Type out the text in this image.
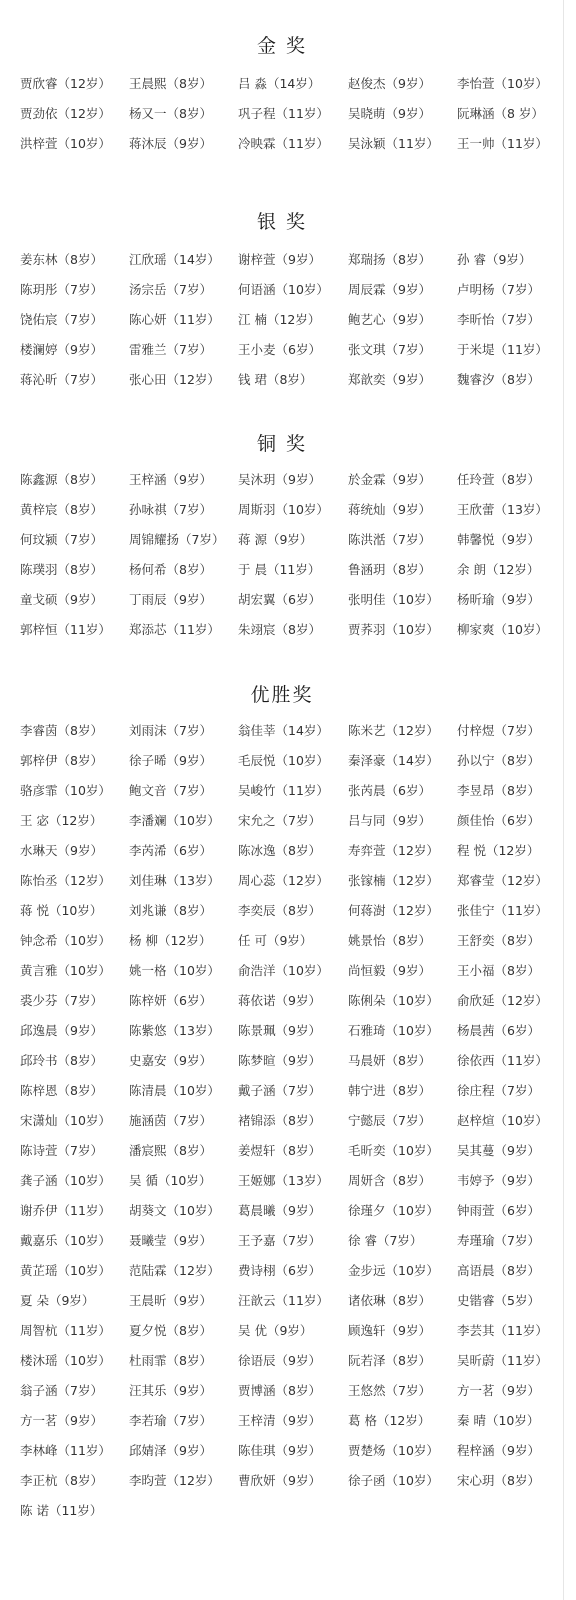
金 奖
贾欣睿（12岁） 王晨熙（8岁） 吕 淼（14岁） 赵俊杰（9岁） 李怡萱（10岁）
贾劲依（12岁） 杨又一（8岁） 巩子程（11岁） 吴晓萌（9岁） 阮琳涵（8 岁）
洪梓萱（10岁） 蒋沐辰（9岁） 冷映霖（11岁） 吴泳颖（11岁） 王一帅（11岁）
银 奖
姜东林（8岁） 江欣瑶（14岁） 谢梓萱（9岁） 郑瑞扬（8岁） 孙 睿（9岁）
陈玥彤（7岁） 汤宗岳（7岁） 何语涵（10岁） 周辰霖（9岁） 卢明杨（7岁）
饶佑宸（7岁） 陈心妍（11岁） 江 楠（12岁） 鲍艺心（9岁） 李昕怡（7岁）
楼澜婷（9岁） 雷雅兰（7岁） 王小麦（6岁） 张文琪（7岁） 于米堤（11岁）
蒋沁昕（7岁） 张心田（12岁） 钱 珺（8岁）	郑歆奕（9岁） 魏睿汐（8岁）
铜 奖
陈鑫源（8岁） 王梓涵（9岁） 吴沐玥（9岁） 於金霖（9岁） 任玲萱（8岁）
黄梓宸（8岁） 孙咏祺（7岁） 周斯羽（10岁） 蒋统灿（9岁） 王欣蕾（13岁）
何玟颍（7岁） 周锦耀扬（7岁） 蒋 源（9岁）	陈洪湉（7岁） 韩馨悦（9岁）
陈璞羽（8岁） 杨何希（8岁） 于 晨（11岁） 鲁涵玥（8岁） 余 朗（12岁）
童戈硕（9岁） 丁雨辰（9岁） 胡宏翼（6岁） 张明佳（10岁） 杨昕瑜（9岁）
郭梓恒（11岁） 郑添芯（11岁） 朱翊宸（8岁） 贾荞羽（10岁） 柳家爽（10岁）
优胜奖
李睿茵（8岁） 刘雨沫（7岁） 翁佳莘（14岁） 陈米艺（12岁） 付梓煜（7岁）
郭梓伊（8岁） 徐子晞（9岁） 毛辰悦（10岁） 秦泽豪（14岁） 孙以宁（8岁）
骆彦霏（10岁） 鲍文音（7岁） 吴峻竹（11岁） 张芮晨（6岁） 李昱昂（8岁）
王 宓（12岁） 李潘斓（10岁） 宋允之（7岁） 吕与同（9岁） 颜佳怡（6岁）
水琳天（9岁） 李芮浠（6岁） 陈冰逸（8岁） 寿弈萱（12岁） 程 悦（12岁）
陈怡丞（12岁） 刘佳琳（13岁） 周心蕊（12岁） 张镓楠（12岁） 郑睿莹（12岁）
蒋 悦（10岁） 刘兆谦（8岁） 李奕辰（8岁） 何蒋澍（12岁） 张佳宁（11岁）
钟念希（10岁） 杨 柳（12岁） 任 可（9岁）	姚景怡（8岁） 王舒奕（8岁）
黄言雅（10岁） 姚一格（10岁） 俞浩洋（10岁） 尚恒毅（9岁） 王小福（8岁）
裘少芬（7岁） 陈梓妍（6岁） 蒋依诺（9岁） 陈俐朵（10岁） 俞欣延（12岁）
邱逸晨（9岁） 陈紫悠（13岁） 陈景珮（9岁） 石雅琦（10岁） 杨晨茜（6岁）
邱玲书（8岁） 史嘉安（9岁） 陈梦暄（9岁） 马晨妍（8岁） 徐依西（11岁）
陈梓恩（8岁） 陈清晨（10岁） 戴子涵（7岁） 韩宁进（8岁） 徐庄程（7岁）
宋潇灿（10岁） 施涵茵（7岁） 褚锦添（8岁） 宁懿辰（7岁） 赵梓煊（10岁）
陈诗萱（7岁） 潘宸熙（8岁） 姜煜轩（8岁） 毛昕奕（10岁） 吴其蔓（9岁）
龚子涵（10岁） 吴 循（10岁） 王姬娜（13岁） 周妍含（8岁） 韦婷予（9岁）
谢乔伊（11岁） 胡葵文（10岁） 葛晨曦（9岁） 徐瑾夕（10岁） 钟雨萱（6岁）
戴嘉乐（10岁） 聂曦莹（9岁） 王予嘉（7岁） 徐 睿（7岁）	寿瑾瑜（7岁）
黄芷瑶（10岁） 范陆霖（12岁） 费诗栩（6岁） 金步远（10岁） 高语晨（8岁）
夏 朵（9岁）	王晨昕（9岁） 汪歆云（11岁） 诸依琳（8岁） 史锴睿（5岁）
周智杭（11岁） 夏夕悦（8岁） 吴 优（9岁）	顾逸轩（9岁） 李芸其（11岁）
楼沐瑶（10岁） 杜雨霏（8岁） 徐语辰（9岁） 阮若泽（8岁） 吴昕蔚（11岁）
翁子涵（7岁） 汪其乐（9岁） 贾博涵（8岁） 王悠然（7岁） 方一茗（9岁）
方一茗（9岁） 李若瑜（7岁） 王梓清（9岁） 葛 格（12岁） 秦 晴（10岁）
李林峰（11岁） 邱婧泽（9岁） 陈佳琪（9岁） 贾楚炀（10岁） 程梓涵（9岁）
李正杭（8岁） 李昀萱（12岁） 曹欣妍（9岁） 徐子函（10岁） 宋心玥（8岁）
陈 诺（11岁）
